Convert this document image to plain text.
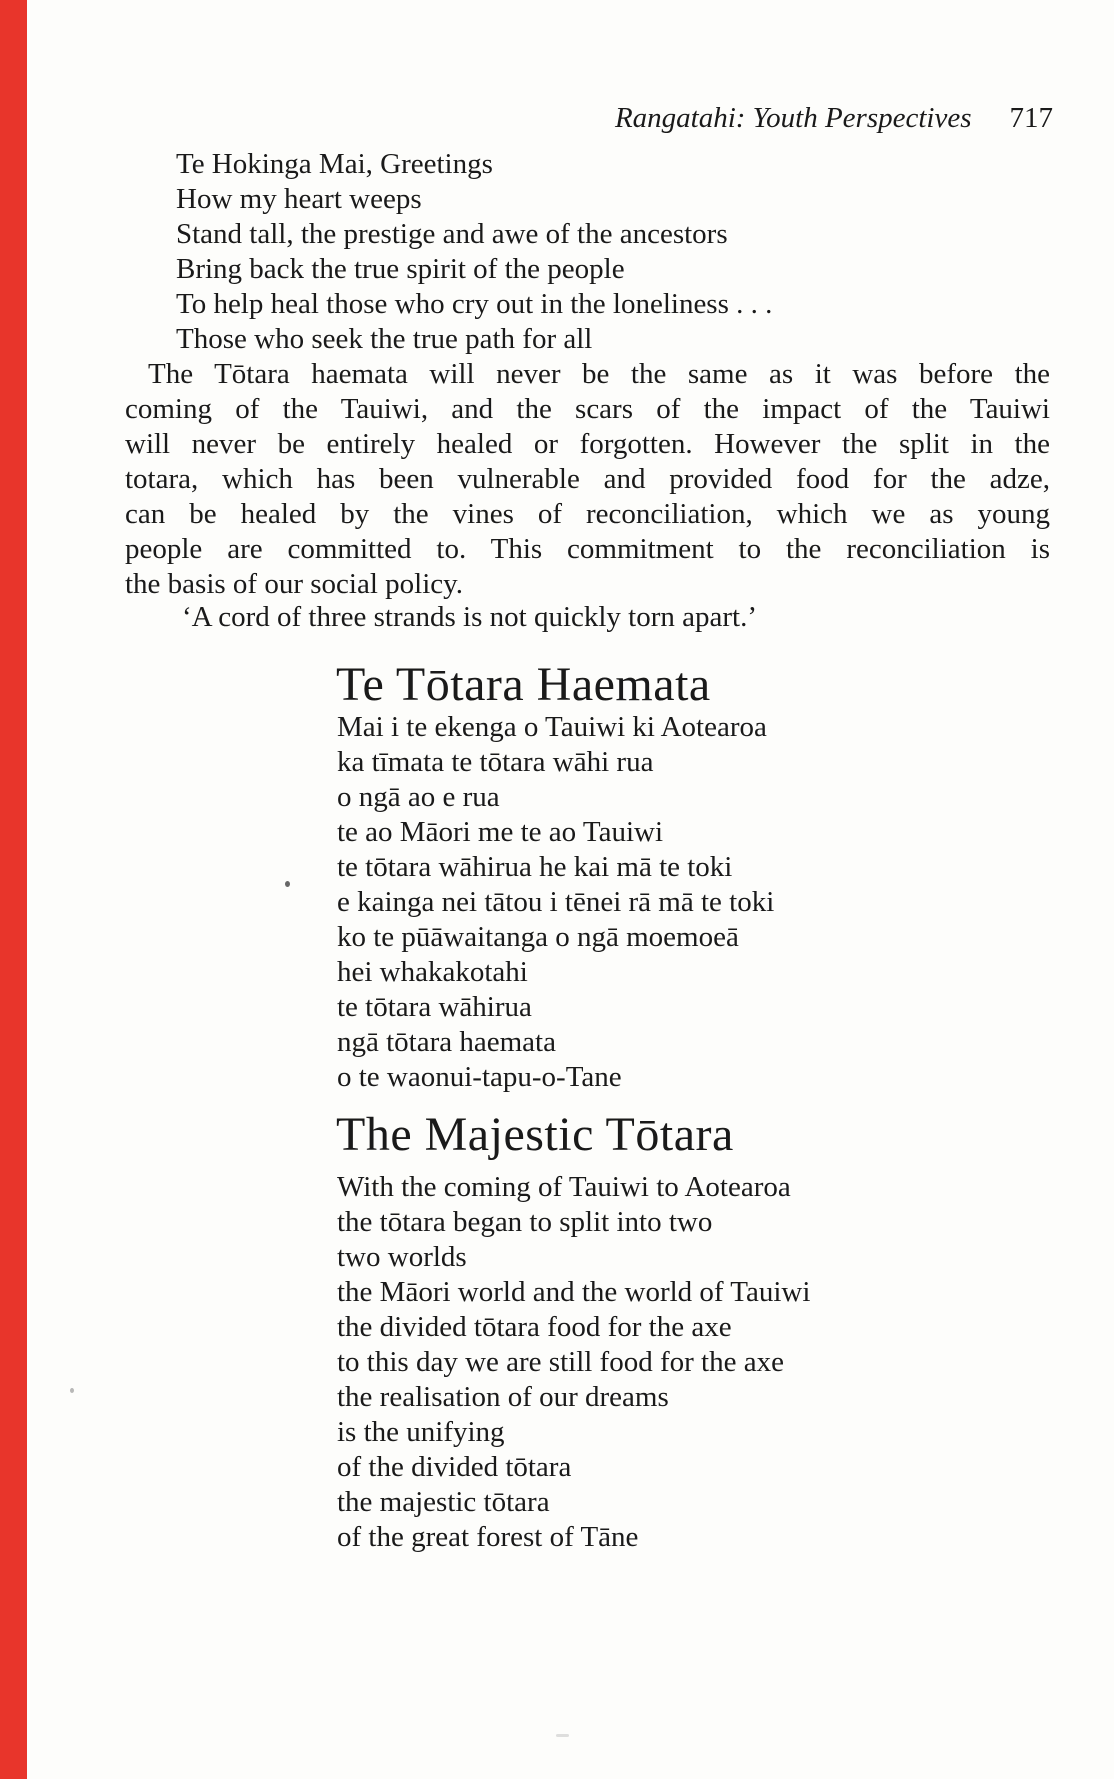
Rangatahi: Youth Perspectives 717
Te Hokinga Mai, Greetings
How my heart weeps
Stand tall, the prestige and awe of the ancestors
Bring back the true spirit of the people
To help heal those who cry out in the loneliness . . .
Those who seek the true path for all
The Tōtara haemata will never be the same as it was before the
coming of the Tauiwi, and the scars of the impact of the Tauiwi
will never be entirely healed or forgotten. However the split in the
totara, which has been vulnerable and provided food for the adze,
can be healed by the vines of reconciliation, which we as young
people are committed to. This commitment to the reconciliation is
the basis of our social policy.
‘A cord of three strands is not quickly torn apart.’
Te Tōtara Haemata
Mai i te ekenga o Tauiwi ki Aotearoa
ka tīmata te tōtara wāhi rua
o ngā ao e rua
te ao Māori me te ao Tauiwi
te tōtara wāhirua he kai mā te toki
e kainga nei tātou i tēnei rā mā te toki
ko te pūāwaitanga o ngā moemoeā
hei whakakotahi
te tōtara wāhirua
ngā tōtara haemata
o te waonui-tapu-o-Tane
The Majestic Tōtara
With the coming of Tauiwi to Aotearoa
the tōtara began to split into two
two worlds
the Māori world and the world of Tauiwi
the divided tōtara food for the axe
to this day we are still food for the axe
the realisation of our dreams
is the unifying
of the divided tōtara
the majestic tōtara
of the great forest of Tāne
